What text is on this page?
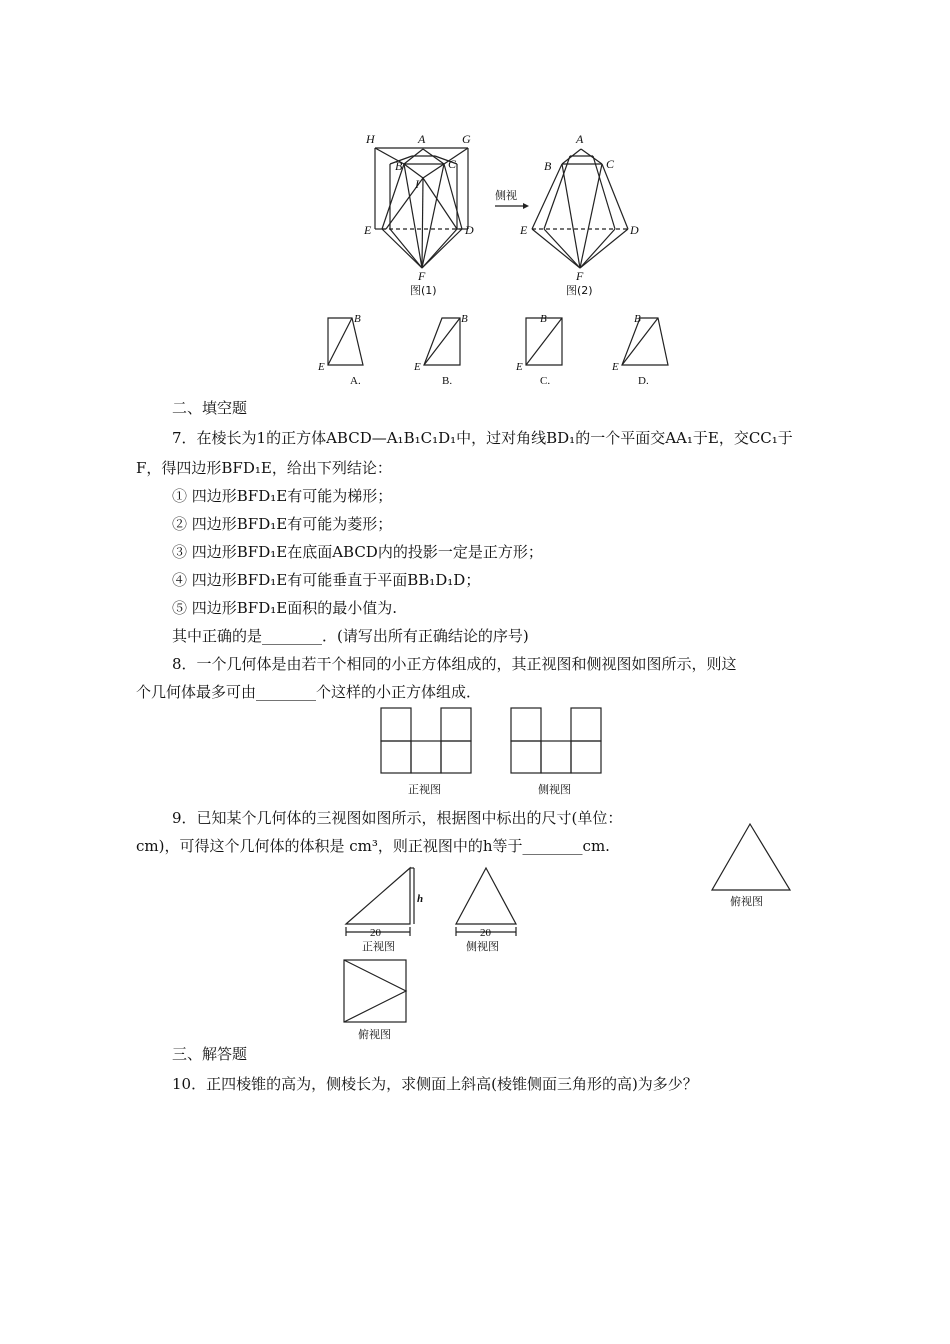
H	A	G
B	C
I
E	D
F
图(1)
侧视
A
B	C
E	D
F
图(2)
B
E
A.
B
E
B.
B
E
C.
B
E
D.
二、填空题
7．在棱长为1的正方体ABCD—A₁B₁C₁D₁中，过对角线BD₁的一个平面交AA₁于E，交CC₁于
F，得四边形BFD₁E，给出下列结论：
① 四边形BFD₁E有可能为梯形；
② 四边形BFD₁E有可能为菱形；
③ 四边形BFD₁E在底面ABCD内的投影一定是正方形；
④ 四边形BFD₁E有可能垂直于平面BB₁D₁D；
⑤ 四边形BFD₁E面积的最小值为.
其中正确的是________．(请写出所有正确结论的序号)
8．一个几何体是由若干个相同的小正方体组成的，其正视图和侧视图如图所示，则这
个几何体最多可由________个这样的小正方体组成．
正视图	侧视图
9．已知某个几何体的三视图如图所示，根据图中标出的尺寸(单位：
cm)，可得这个几何体的体积是 cm³，则正视图中的h等于________cm.
俯视图
h
20
正视图
20
侧视图
俯视图
三、解答题
10．正四棱锥的高为，侧棱长为，求侧面上斜高(棱锥侧面三角形的高)为多少？
